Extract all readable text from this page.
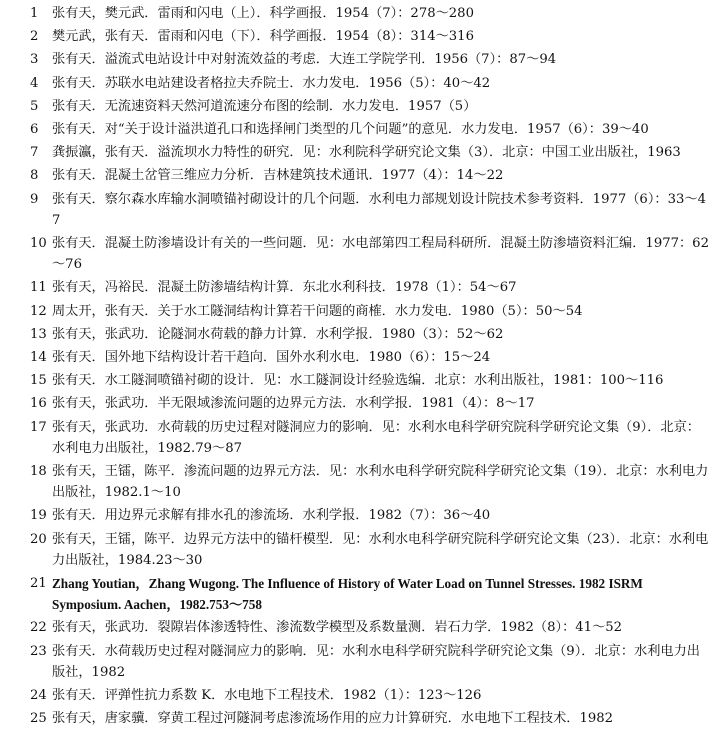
1	张有天，樊元武．雷雨和闪电（上）．科学画报．1954（7）：278～280
2	樊元武，张有天．雷雨和闪电（下）．科学画报．1954（8）：314～316
3	张有天．溢流式电站设计中对射流效益的考虑．大连工学院学刊．1956（7）：87～94
4	张有天．苏联水电站建设者格拉夫乔院士．水力发电．1956（5）：40～42
5	张有天．无流速资料天然河道流速分布图的绘制．水力发电．1957（5）
6	张有天．对“关于设计溢洪道孔口和选择闸门类型的几个问题”的意见．水力发电．1957（6）：39～40
7	龚振瀛，张有天．溢流坝水力特性的研究．见：水利院科学研究论文集（3）．北京：中国工业出版社，1963
8	张有天．混凝土岔管三维应力分析．吉林建筑技术通讯．1977（4）：14～22
9	张有天．察尔森水库输水洞喷锚衬砌设计的几个问题．水利电力部规划设计院技术参考资料．1977（6）：33～47
10 张有天．混凝土防渗墙设计有关的一些问题．见：水电部第四工程局科研所．混凝土防渗墙资料汇编．1977：62～76
11 张有天，冯裕民．混凝土防渗墙结构计算．东北水利科技．1978（1）：54～67
12 周太开，张有天．关于水工隧洞结构计算若干问题的商榷．水力发电．1980（5）：50～54
13 张有天，张武功．论隧洞水荷载的静力计算．水利学报．1980（3）：52～62
14 张有天．国外地下结构设计若干趋向．国外水利水电．1980（6）：15～24
15 张有天．水工隧洞喷锚衬砌的设计．见：水工隧洞设计经验选编．北京：水利出版社，1981：100～116
16 张有天，张武功．半无限域渗流问题的边界元方法．水利学报．1981（4）：8～17
17 张有天，张武功．水荷载的历史过程对隧洞应力的影响．见：水利水电科学研究院科学研究论文集（9）．北京：水利电力出版社，1982.79～87
18 张有天，王镭，陈平．渗流问题的边界元方法．见：水利水电科学研究院科学研究论文集（19）．北京：水利电力出版社，1982.1～10
19 张有天．用边界元求解有排水孔的渗流场．水利学报．1982（7）：36～40
20 张有天，王镭，陈平．边界元方法中的锚杆模型．见：水利水电科学研究院科学研究论文集（23）．北京：水利电力出版社，1984.23～30
21 Zhang Youtian，Zhang Wugong. The Influence of History of Water Load on Tunnel Stresses. 1982 ISRM Symposium. Aachen，1982.753～758
22 张有天，张武功．裂隙岩体渗透特性、渗流数学模型及系数量测．岩石力学．1982（8）：41～52
23 张有天．水荷载历史过程对隧洞应力的影响．见：水利水电科学研究院科学研究论文集（9）．北京：水利电力出版社，1982
24 张有天．评弹性抗力系数 K．水电地下工程技术．1982（1）：123～126
25 张有天，唐家骥．穿黄工程过河隧洞考虑渗流场作用的应力计算研究．水电地下工程技术．1982
